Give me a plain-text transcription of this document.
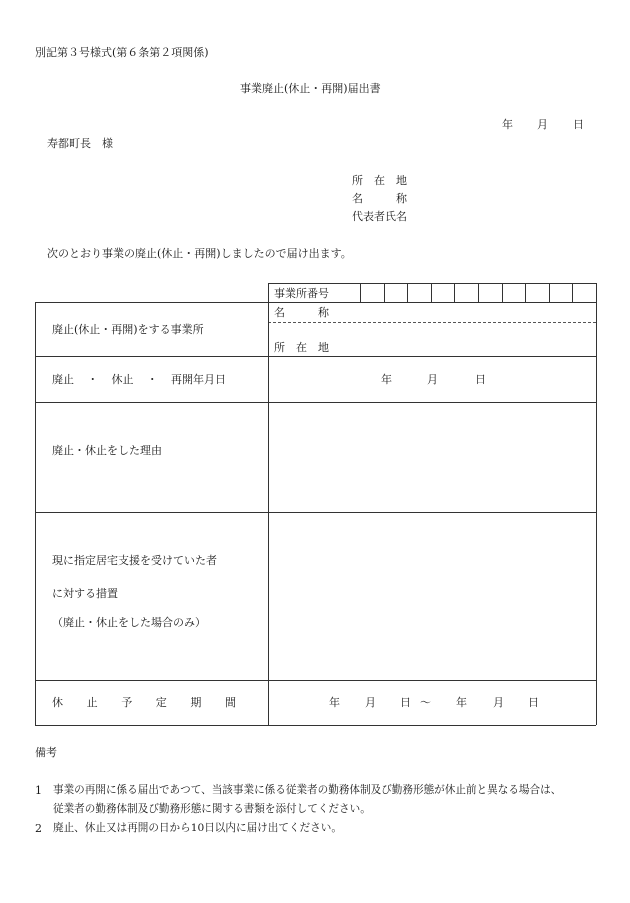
別記第３号様式(第６条第２項関係)
事業廃止(休止・再開)届出書
年 月 日
寿都町長　様
所　在　地
名　　　称
代表者氏名
次のとおり事業の廃止(休止・再開)しましたので届け出ます。
事業所番号
廃止(休止・再開)をする事業所
名　　　称
所　在　地
廃止 ・ 休止 ・ 再開年月日	年	月	日
廃止・休止をした理由
現に指定居宅支援を受けていた者
に対する措置
（廃止・休止をした場合のみ）
休 止 予 定 期 間	年 月 日 ～ 年 月 日
備考
1 事業の再開に係る届出であつて、当該事業に係る従業者の勤務体制及び勤務形態が休止前と異なる場合は、
従業者の勤務体制及び勤務形態に関する書類を添付してください。
2 廃止、休止又は再開の日から10日以内に届け出てください。
